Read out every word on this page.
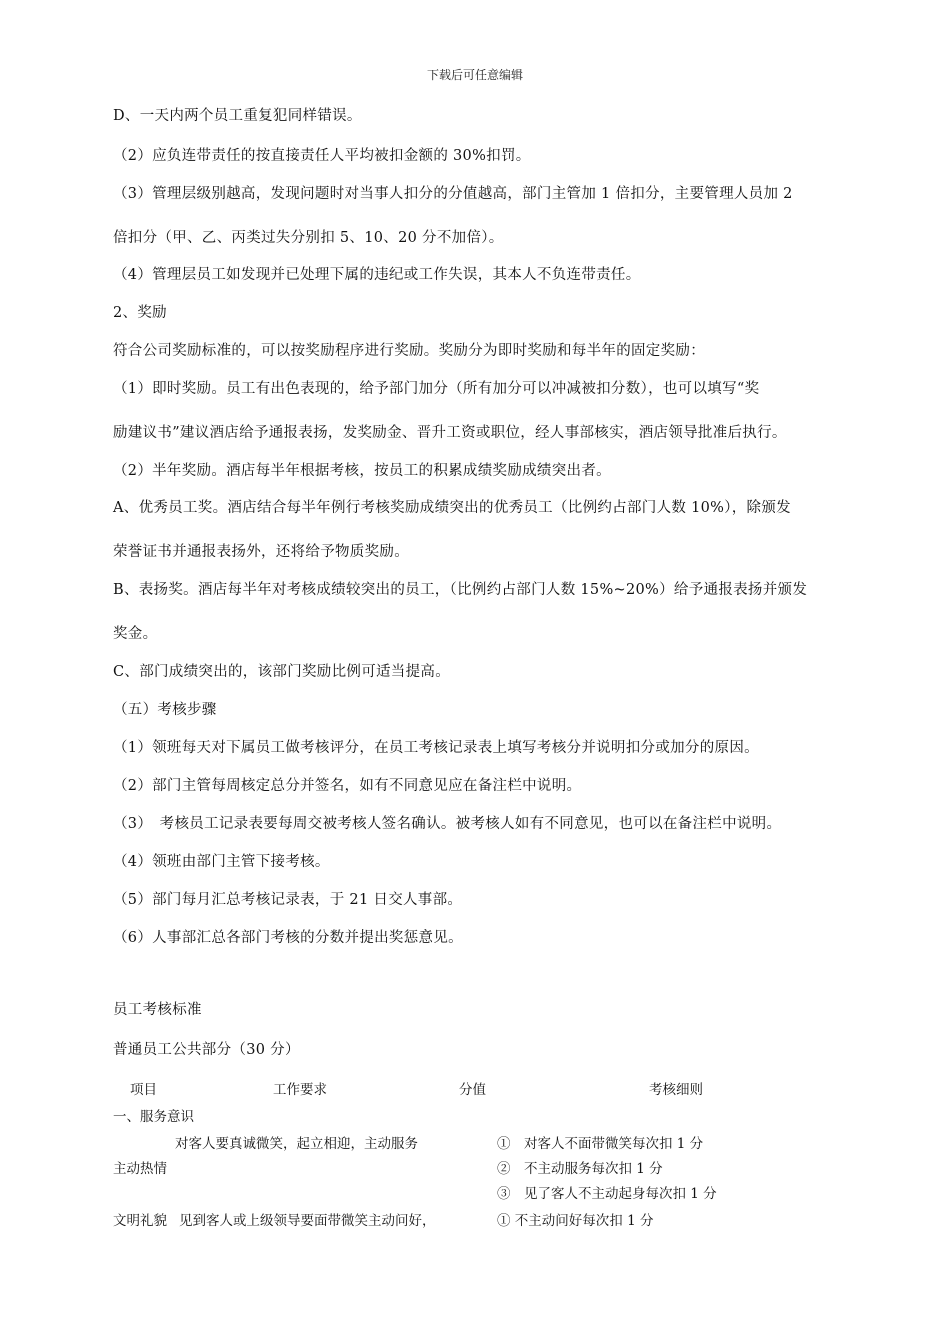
下载后可任意编辑
D、一天内两个员工重复犯同样错误。
（2）应负连带责任的按直接责任人平均被扣金额的 30%扣罚。
（3）管理层级别越高，发现问题时对当事人扣分的分值越高，部门主管加 1 倍扣分，主要管理人员加 2
倍扣分（甲、乙、丙类过失分别扣 5、10、20 分不加倍）。
（4）管理层员工如发现并已处理下属的违纪或工作失误，其本人不负连带责任。
2、奖励
符合公司奖励标准的，可以按奖励程序进行奖励。奖励分为即时奖励和每半年的固定奖励：
（1）即时奖励。员工有出色表现的，给予部门加分（所有加分可以冲减被扣分数），也可以填写“奖
励建议书”建议酒店给予通报表扬，发奖励金、晋升工资或职位，经人事部核实，酒店领导批准后执行。
（2）半年奖励。酒店每半年根据考核，按员工的积累成绩奖励成绩突出者。
A、优秀员工奖。酒店结合每半年例行考核奖励成绩突出的优秀员工（比例约占部门人数 10%），除颁发
荣誉证书并通报表扬外，还将给予物质奖励。
B、表扬奖。酒店每半年对考核成绩较突出的员工，（比例约占部门人数 15%~20%）给予通报表扬并颁发
奖金。
C、部门成绩突出的，该部门奖励比例可适当提高。
（五）考核步骤
（1）领班每天对下属员工做考核评分，在员工考核记录表上填写考核分并说明扣分或加分的原因。
（2）部门主管每周核定总分并签名，如有不同意见应在备注栏中说明。
（3）　考核员工记录表要每周交被考核人签名确认。被考核人如有不同意见，也可以在备注栏中说明。
（4）领班由部门主管下接考核。
（5）部门每月汇总考核记录表，于 21 日交人事部。
（6）人事部汇总各部门考核的分数并提出奖惩意见。
员工考核标准
普通员工公共部分（30 分）
项目	工作要求	分值	考核细则
一、服务意识
对客人要真诚微笑，起立相迎，主动服务	①　对客人不面带微笑每次扣 1 分
主动热情	②　不主动服务每次扣 1 分
③　见了客人不主动起身每次扣 1 分
文明礼貌 见到客人或上级领导要面带微笑主动问好，	① 不主动问好每次扣 1 分
